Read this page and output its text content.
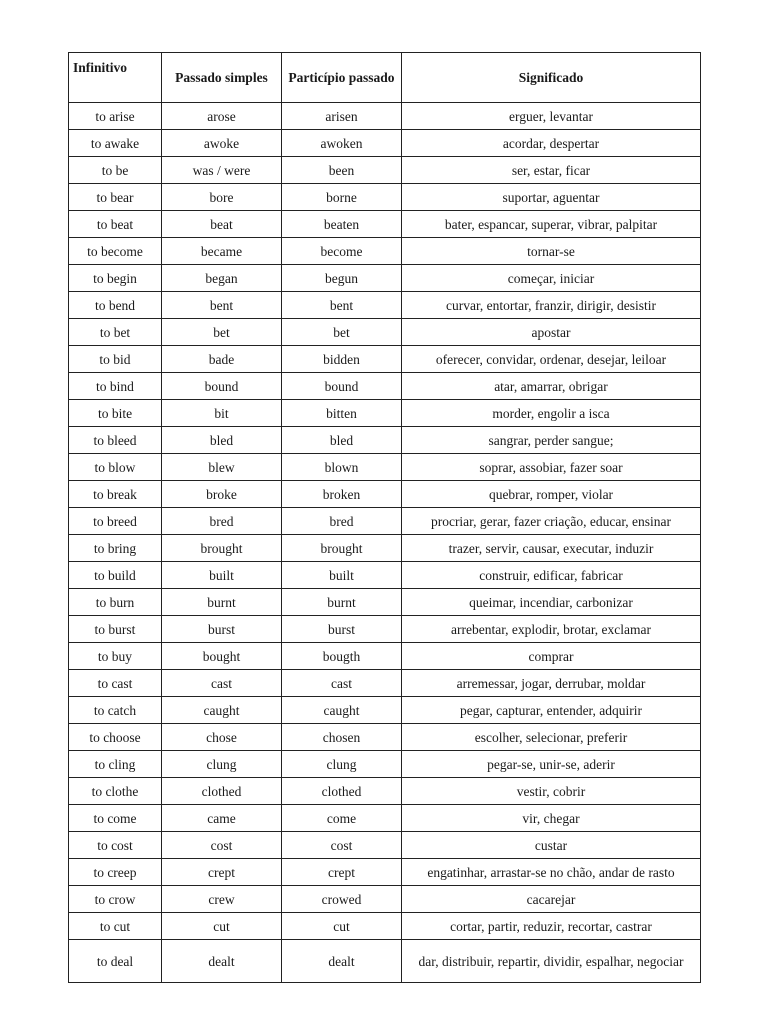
Infinitivo	Passado simples	Particípio passado	Significado
to arise	arose	arisen	erguer, levantar
to awake	awoke	awoken	acordar, despertar
to be	was / were	been	ser, estar, ficar
to bear	bore	borne	suportar, aguentar
to beat	beat	beaten	bater, espancar, superar, vibrar, palpitar
to become	became	become	tornar-se
to begin	began	begun	começar, iniciar
to bend	bent	bent	curvar, entortar, franzir, dirigir, desistir
to bet	bet	bet	apostar
to bid	bade	bidden	oferecer, convidar, ordenar, desejar, leiloar
to bind	bound	bound	atar, amarrar, obrigar
to bite	bit	bitten	morder, engolir a isca
to bleed	bled	bled	sangrar, perder sangue;
to blow	blew	blown	soprar, assobiar, fazer soar
to break	broke	broken	quebrar, romper, violar
to breed	bred	bred	procriar, gerar, fazer criação, educar, ensinar
to bring	brought	brought	trazer, servir, causar, executar, induzir
to build	built	built	construir, edificar, fabricar
to burn	burnt	burnt	queimar, incendiar, carbonizar
to burst	burst	burst	arrebentar, explodir, brotar, exclamar
to buy	bought	bougth	comprar
to cast	cast	cast	arremessar, jogar, derrubar, moldar
to catch	caught	caught	pegar, capturar, entender, adquirir
to choose	chose	chosen	escolher, selecionar, preferir
to cling	clung	clung	pegar-se, unir-se, aderir
to clothe	clothed	clothed	vestir, cobrir
to come	came	come	vir, chegar
to cost	cost	cost	custar
to creep	crept	crept	engatinhar, arrastar-se no chão, andar de rasto
to crow	crew	crowed	cacarejar
to cut	cut	cut	cortar, partir, reduzir, recortar, castrar
to deal	dealt	dealt	dar, distribuir, repartir, dividir, espalhar, negociar
